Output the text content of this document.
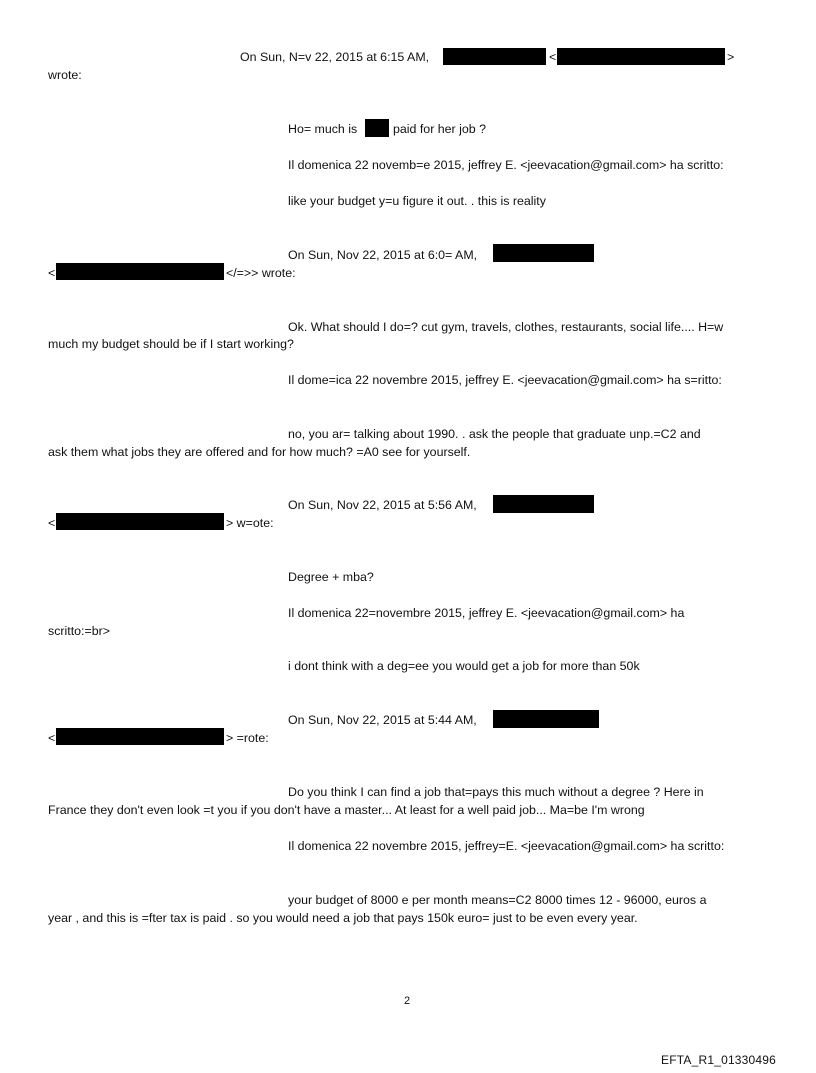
On Sun, N=v 22, 2015 at 6:15 AM,	<	>
wrote:
Ho= much is	paid for her job ?
Il domenica 22 novemb=e 2015, jeffrey E. <jeevacation@gmail.com> ha scritto:
like your budget y=u figure it out. . this is reality
On Sun, Nov 22, 2015 at 6:0= AM,
<	</=>> wrote:
Ok. What should I do=? cut gym, travels, clothes, restaurants, social life.... H=w
much my budget should be if I start working?
Il dome=ica 22 novembre 2015, jeffrey E. <jeevacation@gmail.com> ha s=ritto:
no, you ar= talking about 1990. . ask the people that graduate unp.=C2 and
ask them what jobs they are offered and for how much? =A0 see for yourself.
On Sun, Nov 22, 2015 at 5:56 AM,
<	> w=ote:
Degree + mba?
Il domenica 22=novembre 2015, jeffrey E. <jeevacation@gmail.com> ha
scritto:=br>
i dont think with a deg=ee you would get a job for more than 50k
On Sun, Nov 22, 2015 at 5:44 AM,
<	> =rote:
Do you think I can find a job that=pays this much without a degree ? Here in
France they don't even look =t you if you don't have a master... At least for a well paid job... Ma=be I'm wrong
Il domenica 22 novembre 2015, jeffrey=E. <jeevacation@gmail.com> ha scritto:
your budget of 8000 e per month means=C2 8000 times 12 - 96000, euros a
year , and this is =fter tax is paid . so you would need a job that pays 150k euro= just to be even every year.
2
EFTA_R1_01330496
